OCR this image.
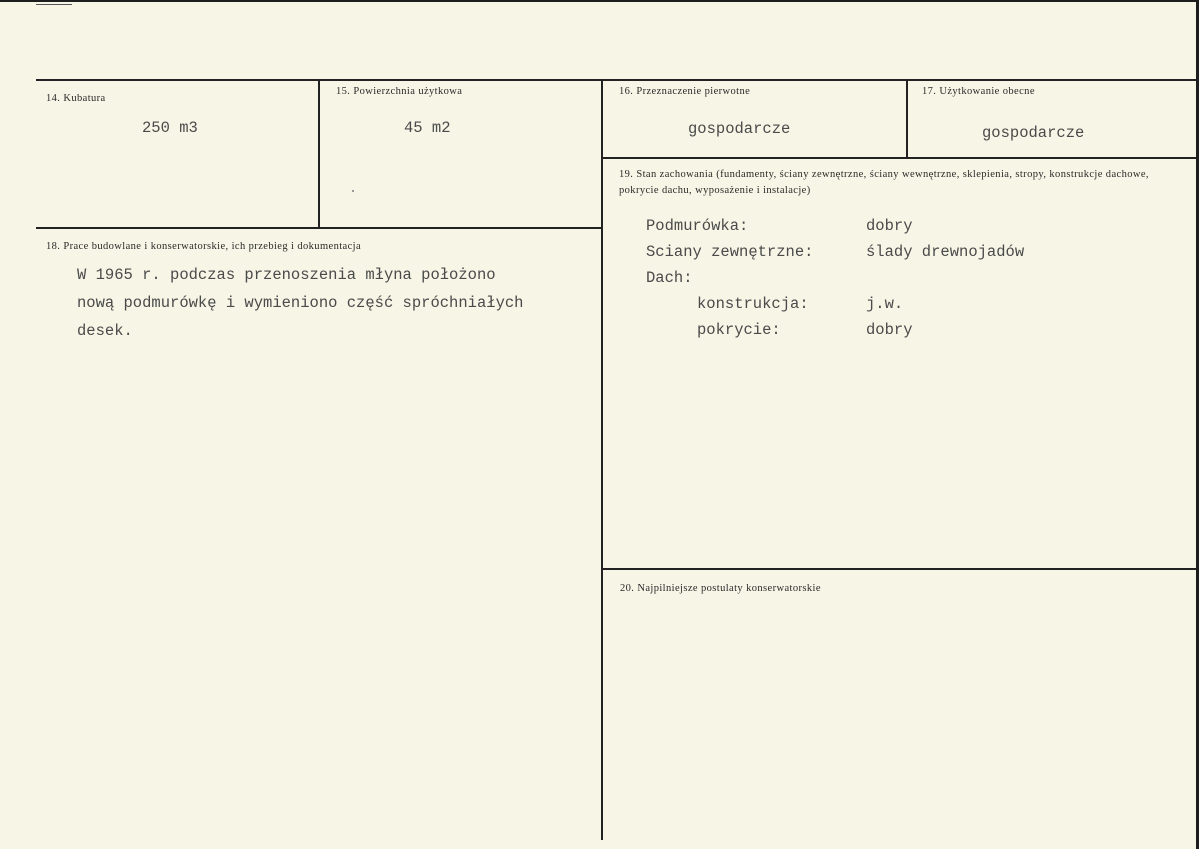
14. Kubatura
250 m3
15. Powierzchnia użytkowa
45 m2
16. Przeznaczenie pierwotne
gospodarcze
17. Użytkowanie obecne
gospodarcze
18. Prace budowlane i konserwatorskie, ich przebieg i dokumentacja
W 1965 r. podczas przenoszenia młyna położono
nową podmurówkę i wymieniono część spróchniałych
desek.
19. Stan zachowania (fundamenty, ściany zewnętrzne, ściany wewnętrzne, sklepienia, stropy, konstrukcje dachowe, pokrycie dachu, wyposażenie i instalacje)
Podmurówka:	dobry
Sciany zewnętrzne:	ślady drewnojadów
Dach:
konstrukcja:	j.w.
pokrycie:	dobry
20. Najpilniejsze postulaty konserwatorskie
